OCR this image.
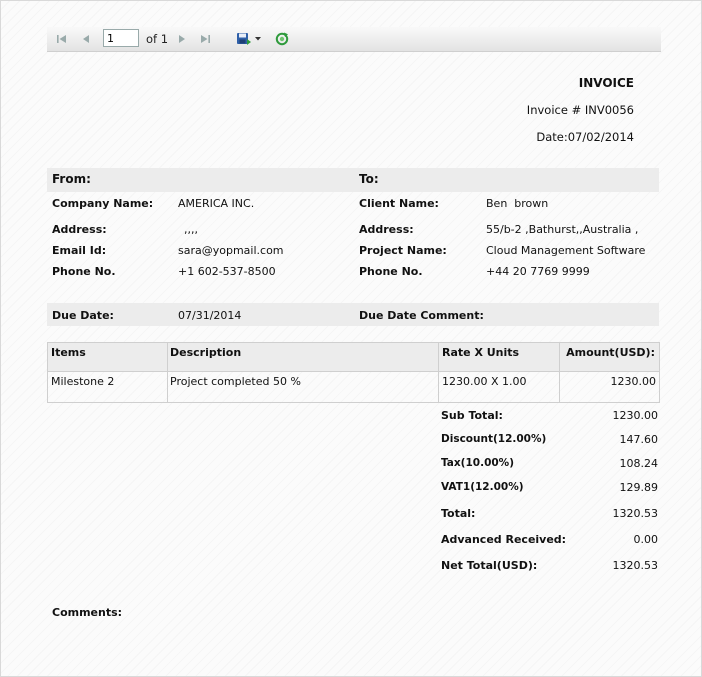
1
of 1
INVOICE
Invoice # INV0056
Date:07/02/2014
From:	To:
Company Name: AMERICA INC.
Address:	,,,,
Email Id:	sara@yopmail.com
Phone No.	+1 602-537-8500
Client Name:	Ben  brown
Address:	55/b-2 ,Bathurst,,Australia ,
Project Name:	Cloud Management Software
Phone No.	+44 20 7769 9999
Due Date:	07/31/2014	Due Date Comment:
Items	Description	Rate X Units	Amount(USD):
Milestone 2	Project completed 50 %	1230.00 X 1.00	1230.00
Sub Total:	1230.00
Discount(12.00%)	147.60
Tax(10.00%)	108.24
VAT1(12.00%)	129.89
Total:	1320.53
Advanced Received:	0.00
Net Total(USD):	1320.53
Comments:
